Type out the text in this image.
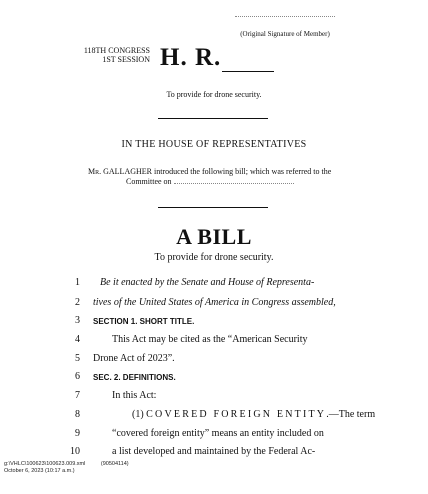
(Original Signature of Member)
118TH CONGRESS
1ST SESSION H. R.
To provide for drone security.
IN THE HOUSE OF REPRESENTATIVES
Mr. GALLAGHER introduced the following bill; which was referred to the
Committee on
A BILL
To provide for drone security.
1 Be it enacted by the Senate and House of Representa-
2 tives of the United States of America in Congress assembled,
3 SECTION 1. SHORT TITLE.
4	This Act may be cited as the “American Security
5 Drone Act of 2023”.
6 SEC. 2. DEFINITIONS.
7	In this Act:
8	(1) COVERED FOREIGN ENTITY.—The term
9	“covered foreign entity” means an entity included on
10	a list developed and maintained by the Federal Ac-
g:\VHLC\100623\100623.009.xml	(90504114)
October 6, 2023 (10:17 a.m.)
